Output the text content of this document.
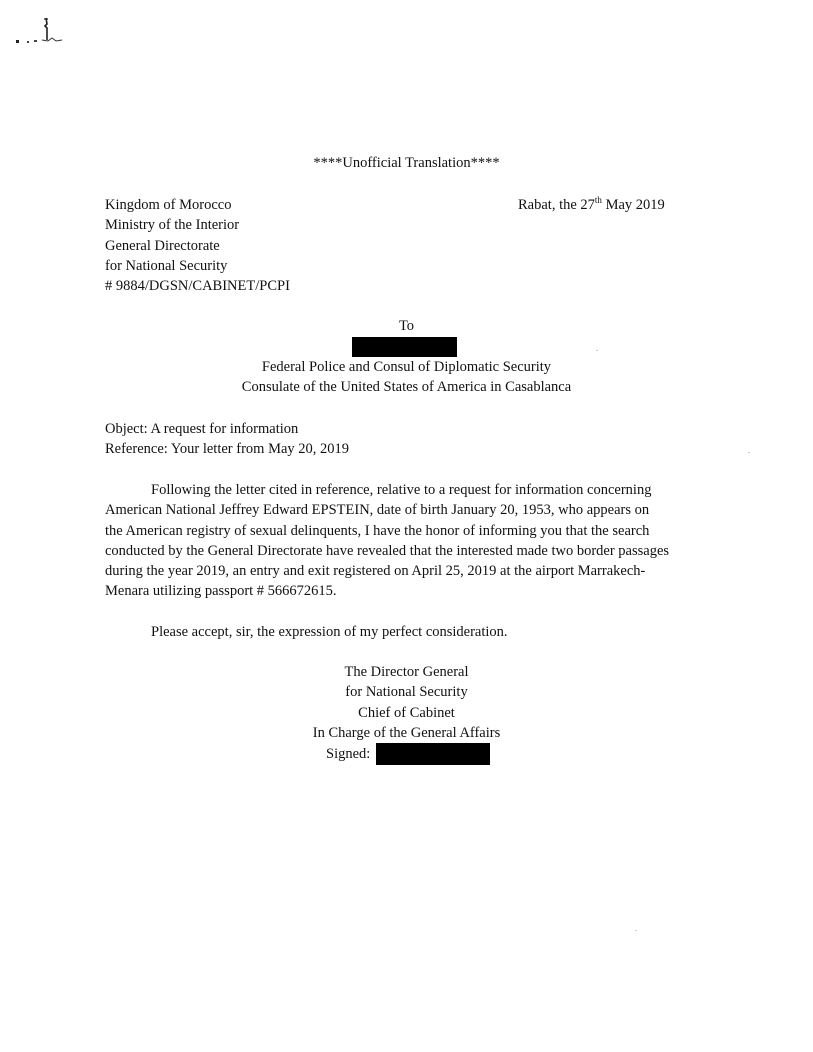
****Unofficial Translation****
Kingdom of Morocco
Ministry of the Interior
General Directorate
for National Security
# 9884/DGSN/CABINET/PCPI
Rabat, the 27th May 2019
To
Federal Police and Consul of Diplomatic Security
Consulate of the United States of America in Casablanca
Object: A request for information
Reference: Your letter from May 20, 2019
Following the letter cited in reference, relative to a request for information concerning
American National Jeffrey Edward EPSTEIN, date of birth January 20, 1953, who appears on
the American registry of sexual delinquents, I have the honor of informing you that the search
conducted by the General Directorate have revealed that the interested made two border passages
during the year 2019, an entry and exit registered on April 25, 2019 at the airport Marrakech-
Menara utilizing passport # 566672615.
Please accept, sir, the expression of my perfect consideration.
The Director General
for National Security
Chief of Cabinet
In Charge of the General Affairs
Signed:
